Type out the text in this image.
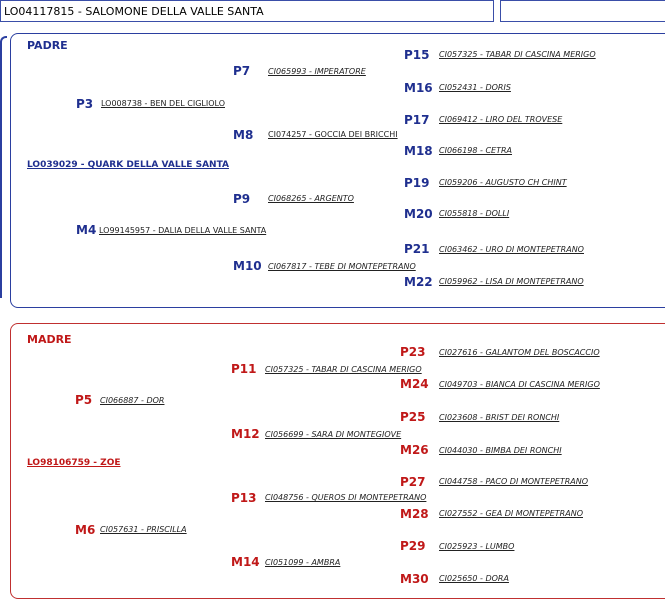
LO04117815 - SALOMONE DELLA VALLE SANTA
PADRE
LO039029 - QUARK DELLA VALLE SANTA
P3 LO008738 - BEN DEL CIGLIOLO
M4 LO99145957 - DALIA DELLA VALLE SANTA
P7 CI065993 - IMPERATORE
M8 CI074257 - GOCCIA DEI BRICCHI
P9 CI068265 - ARGENTO
M10 CI067817 - TEBE DI MONTEPETRANO
P15 CI057325 - TABAR DI CASCINA MERIGO
M16 CI052431 - DORIS
P17 CI069412 - LIRO DEL TROVESE
M18 CI066198 - CETRA
P19 CI059206 - AUGUSTO CH CHINT
M20 CI055818 - DOLLI
P21 CI063462 - URO DI MONTEPETRANO
M22 CI059962 - LISA DI MONTEPETRANO
MADRE
LO98106759 - ZOE
P5 CI066887 - DOR
M6 CI057631 - PRISCILLA
P11 CI057325 - TABAR DI CASCINA MERIGO
M12 CI056699 - SARA DI MONTEGIOVE
P13 CI048756 - QUEROS DI MONTEPETRANO
M14 CI051099 - AMBRA
P23 CI027616 - GALANTOM DEL BOSCACCIO
M24 CI049703 - BIANCA DI CASCINA MERIGO
P25 CI023608 - BRIST DEI RONCHI
M26 CI044030 - BIMBA DEI RONCHI
P27 CI044758 - PACO DI MONTEPETRANO
M28 CI027552 - GEA DI MONTEPETRANO
P29 CI025923 - LUMBO
M30 CI025650 - DORA
